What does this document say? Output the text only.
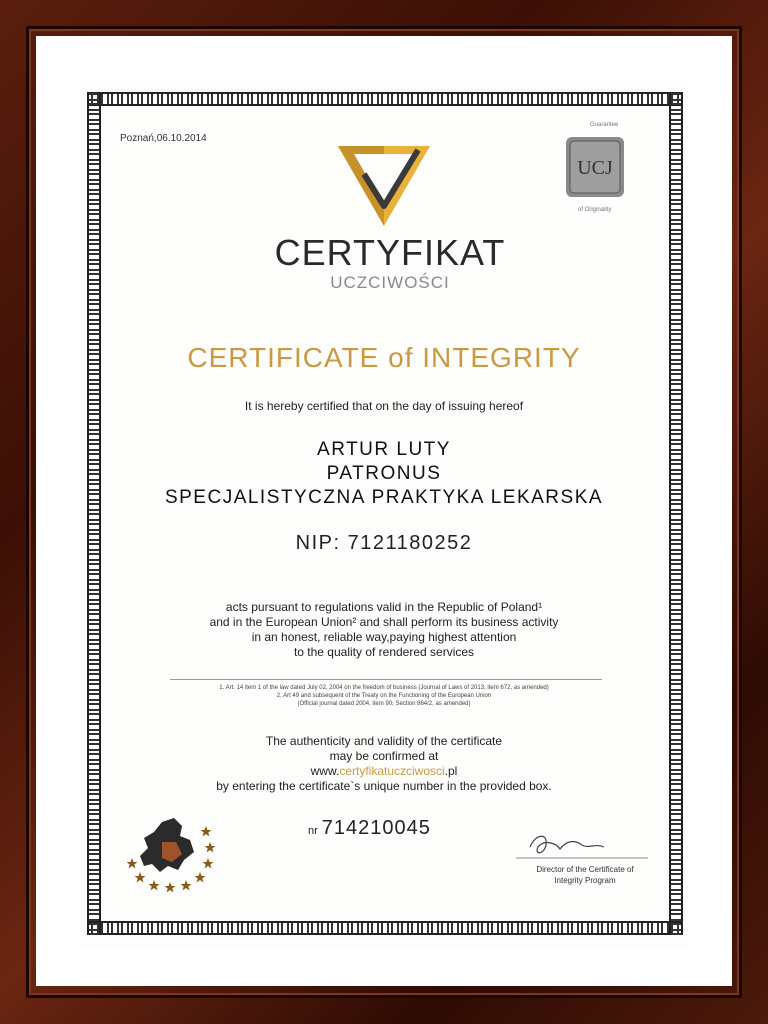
Poznań,06.10.2014
CERTYFIKAT
UCZCIWOŚCI
Guarantee
UCJ
of Originality
CERTIFICATE of INTEGRITY
It is hereby certified that on the day of issuing hereof
ARTUR LUTY
PATRONUS
SPECJALISTYCZNA PRAKTYKA LEKARSKA
NIP: 7121180252
acts pursuant to regulations valid in the Republic of Poland¹
and in the European Union² and shall perform its business activity
in an honest, reliable way,paying highest attention
to the quality of rendered services
1. Art. 14 item 1 of the law dated July 02, 2004 on the freedom of business (Journal of Laws of 2013, item 672, as amended)
2. Art 49 and subsequent of the Treaty on the Functioning of the European Union
(Official journal dated 2004, item 90, Section 864/2, as amended)
The authenticity and validity of the certificate
may be confirmed at
www.certyfikatuczciwosci.pl
by entering the certificate`s unique number in the provided box.
nr 714210045
Director of the Certificate of
Integrity Program
